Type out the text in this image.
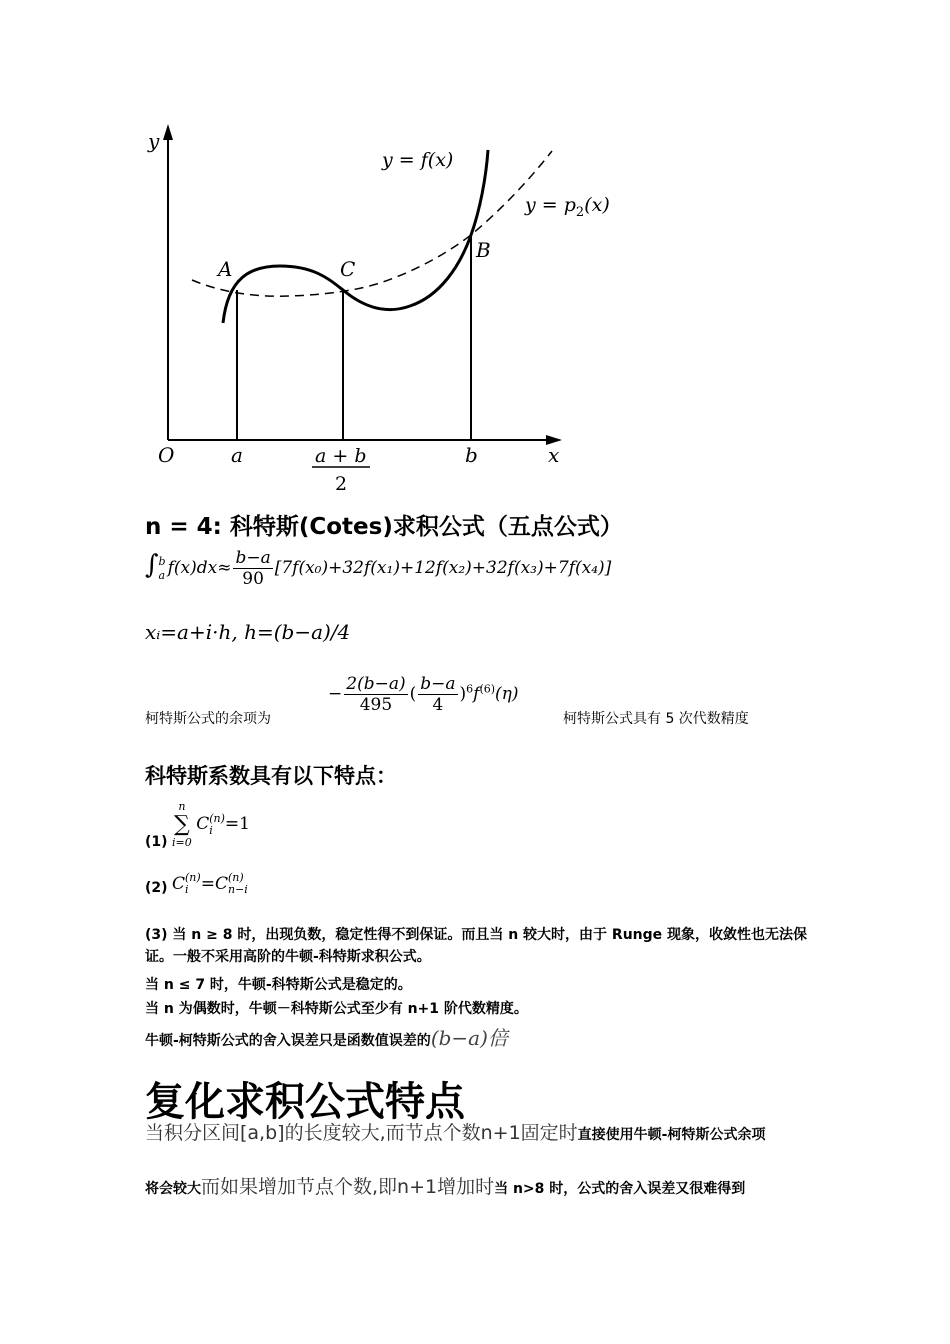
y
x
O	a	a + b
2
b
A	C
B
y = f(x)
$y = p_2(x)$
n = 4: 科特斯(Cotes)求积公式（五点公式）
∫ b
a $f(x)dx\approx \frac{b-a}{90} [7f(x_0)+32f(x_1)+12f(x_2)+32f(x_3)+7f(x_4)]$
xᵢ=a+i·h, h=(b−a)/4
柯特斯公式的余项为
− $\frac{2(b-a)}{495}$ ( $\frac{b-a}{4} )^6f^{(6)}(\eta)$
柯特斯公式具有 5 次代数精度
科特斯系数具有以下特点：
(1)
n
∑
i=0
C (n)
i =1
(2) C (n)
i =C (n)
n−i
(3) 当 n ≥ 8 时，出现负数，稳定性得不到保证。而且当 n 较大时，由于 Runge 现象，收敛性也无法保证。一般不采用高阶的牛顿-科特斯求积公式。
当 n ≤ 7 时，牛顿-科特斯公式是稳定的。
当 n 为偶数时，牛顿－科特斯公式至少有 n+1 阶代数精度。
牛顿-柯特斯公式的舍入误差只是函数值误差的(b−a)倍
复化求积公式特点
当积分区间[a,b]的长度较大,而节点个数n+1固定时直接使用牛顿-柯特斯公式余项
将会较大而如果增加节点个数,即n+1增加时当 n>8 时，公式的舍入误差又很难得到
